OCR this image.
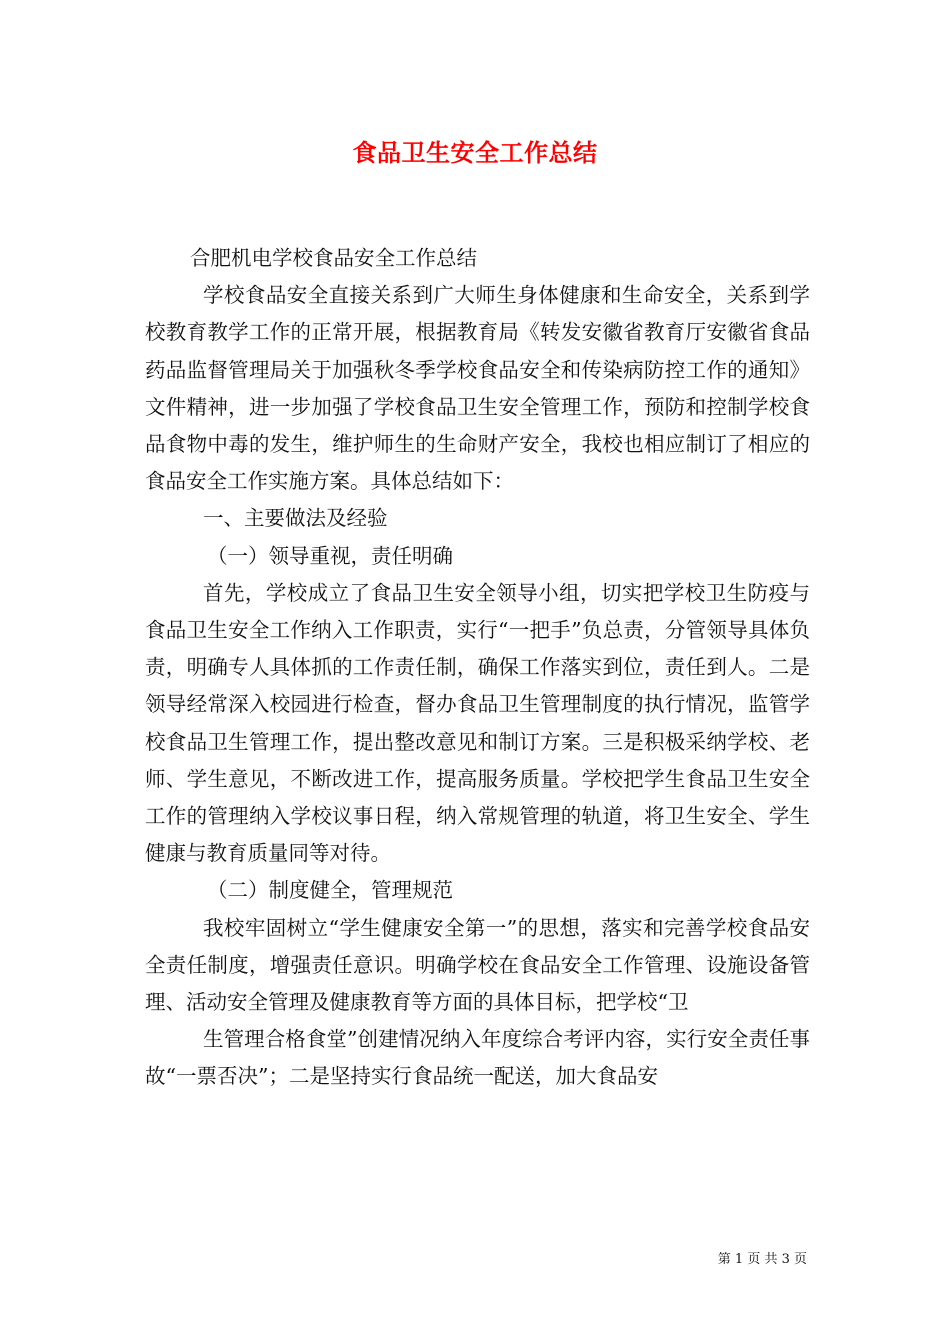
食品卫生安全工作总结

合肥机电学校食品安全工作总结

学校食品安全直接关系到广大师生身体健康和生命安全，关系到学校教育教学工作的正常开展，根据教育局《转发安徽省教育厅安徽省食品药品监督管理局关于加强秋冬季学校食品安全和传染病防控工作的通知》文件精神，进一步加强了学校食品卫生安全管理工作，预防和控制学校食品食物中毒的发生，维护师生的生命财产安全，我校也相应制订了相应的食品安全工作实施方案。具体总结如下：

一、主要做法及经验

（一）领导重视，责任明确

首先，学校成立了食品卫生安全领导小组，切实把学校卫生防疫与食品卫生安全工作纳入工作职责，实行“一把手”负总责，分管领导具体负责，明确专人具体抓的工作责任制，确保工作落实到位，责任到人。二是领导经常深入校园进行检查，督办食品卫生管理制度的执行情况，监管学校食品卫生管理工作，提出整改意见和制订方案。三是积极采纳学校、老师、学生意见，不断改进工作，提高服务质量。学校把学生食品卫生安全工作的管理纳入学校议事日程，纳入常规管理的轨道，将卫生安全、学生健康与教育质量同等对待。

（二）制度健全，管理规范

我校牢固树立“学生健康安全第一”的思想，落实和完善学校食品安全责任制度，增强责任意识。明确学校在食品安全工作管理、设施设备管理、活动安全管理及健康教育等方面的具体目标，把学校“卫

生管理合格食堂”创建情况纳入年度综合考评内容，实行安全责任事故“一票否决”；二是坚持实行食品统一配送，加大食品安

第 1 页 共 3 页
